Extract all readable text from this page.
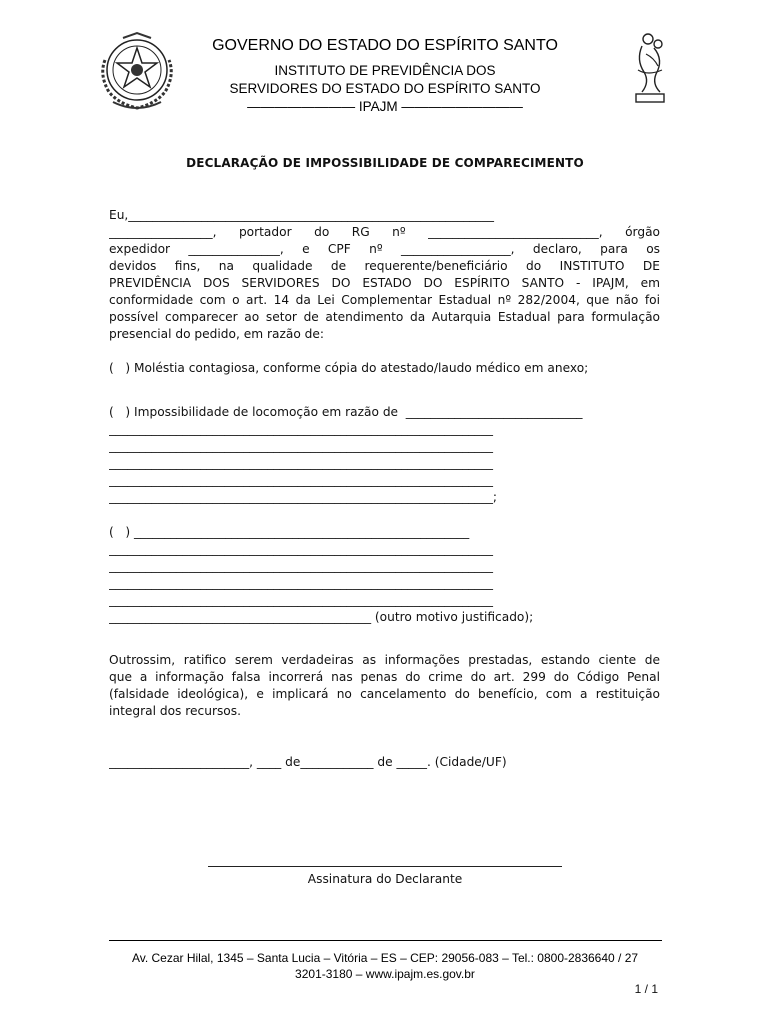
GOVERNO DO ESTADO DO ESPÍRITO SANTO
INSTITUTO DE PREVIDÊNCIA DOS
SERVIDORES DO ESTADO DO ESPÍRITO SANTO
———————— IPAJM —————————
DECLARAÇÃO DE IMPOSSIBILIDADE DE COMPARECIMENTO
Eu,____________________________________________________________
_________________, portador do RG nº ____________________________, órgão
expedidor _______________, e CPF nº __________________, declaro, para os
devidos fins, na qualidade de requerente/beneficiário do INSTITUTO DE
PREVIDÊNCIA DOS SERVIDORES DO ESTADO DO ESPÍRITO SANTO - IPAJM, em
conformidade com o art. 14 da Lei Complementar Estadual nº 282/2004, que não foi
possível comparecer ao setor de atendimento da Autarquia Estadual para formulação
presencial do pedido, em razão de:
(   ) Moléstia contagiosa, conforme cópia do atestado/laudo médico em anexo;
(   ) Impossibilidade de locomoção em razão de  _____________________________
_______________________________________________________________
_______________________________________________________________
_______________________________________________________________
_______________________________________________________________
_______________________________________________________________;
(   ) _______________________________________________________
_______________________________________________________________
_______________________________________________________________
_______________________________________________________________
_______________________________________________________________
___________________________________________ (outro motivo justificado);
Outrossim, ratifico serem verdadeiras as informações prestadas, estando ciente de
que a informação falsa incorrerá nas penas do crime do art. 299 do Código Penal
(falsidade ideológica), e implicará no cancelamento do benefício, com a restituição
integral dos recursos.
_______________________, ____ de____________ de _____. (Cidade/UF)
Assinatura do Declarante
Av. Cezar Hilal, 1345 – Santa Lucia – Vitória – ES – CEP: 29056-083 – Tel.: 0800-2836640 / 27
3201-3180 – www.ipajm.es.gov.br
1 / 1
